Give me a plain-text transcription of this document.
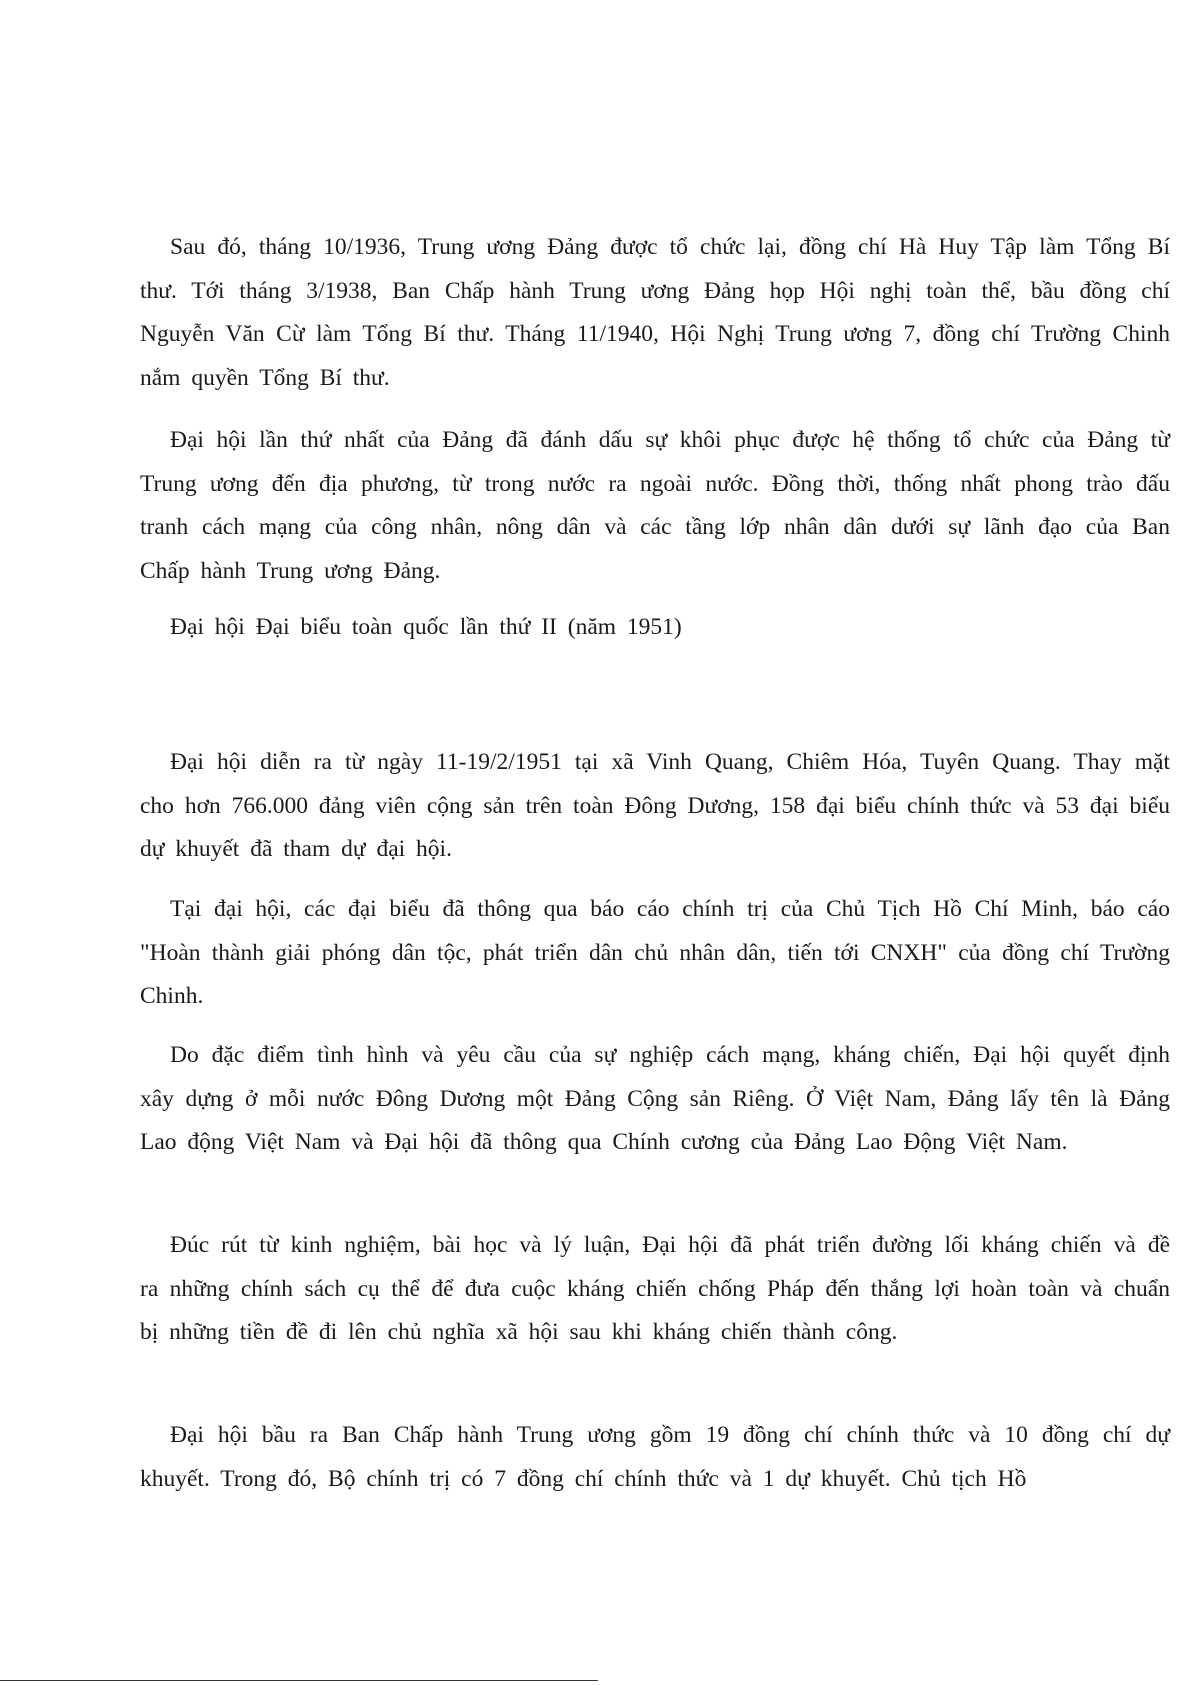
Sau đó, tháng 10/1936, Trung ương Đảng được tổ chức lại, đồng chí Hà Huy Tập làm Tổng Bí thư. Tới tháng 3/1938, Ban Chấp hành Trung ương Đảng họp Hội nghị toàn thể, bầu đồng chí Nguyễn Văn Cừ làm Tổng Bí thư. Tháng 11/1940, Hội Nghị Trung ương 7, đồng chí Trường Chinh nắm quyền Tổng Bí thư.

Đại hội lần thứ nhất của Đảng đã đánh dấu sự khôi phục được hệ thống tổ chức của Đảng từ Trung ương đến địa phương, từ trong nước ra ngoài nước. Đồng thời, thống nhất phong trào đấu tranh cách mạng của công nhân, nông dân và các tầng lớp nhân dân dưới sự lãnh đạo của Ban Chấp hành Trung ương Đảng.

Đại hội Đại biểu toàn quốc lần thứ II (năm 1951)

Đại hội diễn ra từ ngày 11-19/2/1951 tại xã Vinh Quang, Chiêm Hóa, Tuyên Quang. Thay mặt cho hơn 766.000 đảng viên cộng sản trên toàn Đông Dương, 158 đại biểu chính thức và 53 đại biểu dự khuyết đã tham dự đại hội.

Tại đại hội, các đại biểu đã thông qua báo cáo chính trị của Chủ Tịch Hồ Chí Minh, báo cáo "Hoàn thành giải phóng dân tộc, phát triển dân chủ nhân dân, tiến tới CNXH" của đồng chí Trường Chinh.

Do đặc điểm tình hình và yêu cầu của sự nghiệp cách mạng, kháng chiến, Đại hội quyết định xây dựng ở mỗi nước Đông Dương một Đảng Cộng sản Riêng. Ở Việt Nam, Đảng lấy tên là Đảng Lao động Việt Nam và Đại hội đã thông qua Chính cương của Đảng Lao Động Việt Nam.

Đúc rút từ kinh nghiệm, bài học và lý luận, Đại hội đã phát triển đường lối kháng chiến và đề ra những chính sách cụ thể để đưa cuộc kháng chiến chống Pháp đến thắng lợi hoàn toàn và chuẩn bị những tiền đề đi lên chủ nghĩa xã hội sau khi kháng chiến thành công.

Đại hội bầu ra Ban Chấp hành Trung ương gồm 19 đồng chí chính thức và 10 đồng chí dự khuyết. Trong đó, Bộ chính trị có 7 đồng chí chính thức và 1 dự khuyết. Chủ tịch Hồ
